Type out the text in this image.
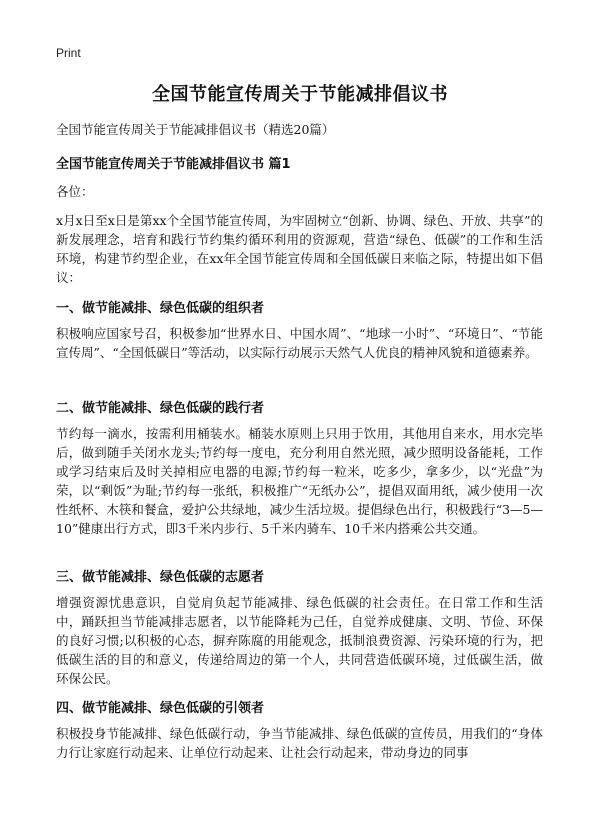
Print
全国节能宣传周关于节能减排倡议书
全国节能宣传周关于节能减排倡议书（精选20篇）
全国节能宣传周关于节能减排倡议书 篇1
各位：
x月x日至x日是第xx个全国节能宣传周，为牢固树立“创新、协调、绿色、开放、共享”的新发展理念，培育和践行节约集约循环利用的资源观，营造“绿色、低碳”的工作和生活环境，构建节约型企业，在xx年全国节能宣传周和全国低碳日来临之际，特提出如下倡议：
一、做节能减排、绿色低碳的组织者
积极响应国家号召，积极参加“世界水日、中国水周”、“地球一小时”、“环境日”、“节能宣传周”、“全国低碳日”等活动，以实际行动展示天然气人优良的精神风貌和道德素养。
二、做节能减排、绿色低碳的践行者
节约每一滴水，按需利用桶装水。桶装水原则上只用于饮用，其他用自来水，用水完毕后，做到随手关闭水龙头;节约每一度电，充分利用自然光照，减少照明设备能耗，工作或学习结束后及时关掉相应电器的电源;节约每一粒米，吃多少，拿多少，以“光盘”为荣，以“剩饭”为耻;节约每一张纸，积极推广“无纸办公”，提倡双面用纸，减少使用一次性纸杯、木筷和餐盒，爱护公共绿地，减少生活垃圾。提倡绿色出行，积极践行“3—5—10”健康出行方式，即3千米内步行、5千米内骑车、10千米内搭乘公共交通。
三、做节能减排、绿色低碳的志愿者
增强资源忧患意识，自觉肩负起节能减排、绿色低碳的社会责任。在日常工作和生活中，踊跃担当节能减排志愿者，以节能降耗为己任，自觉养成健康、文明、节俭、环保的良好习惯;以积极的心态，摒弃陈腐的用能观念，抵制浪费资源、污染环境的行为，把低碳生活的目的和意义，传递给周边的第一个人，共同营造低碳环境，过低碳生活，做环保公民。
四、做节能减排、绿色低碳的引领者
积极投身节能减排、绿色低碳行动，争当节能减排、绿色低碳的宣传员，用我们的“身体力行让家庭行动起来、让单位行动起来、让社会行动起来，带动身边的同事
